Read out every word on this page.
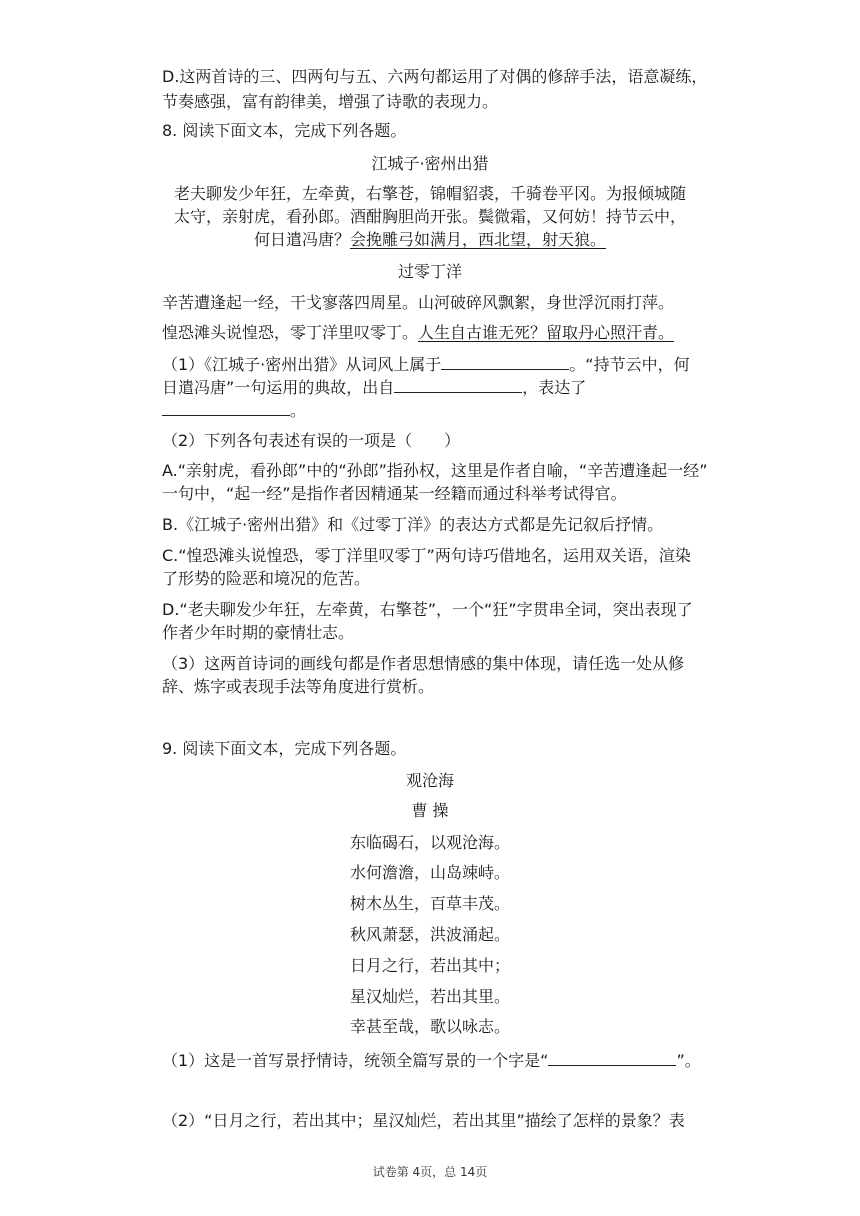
D.这两首诗的三、四两句与五、六两句都运用了对偶的修辞手法，语意凝练，
节奏感强，富有韵律美，增强了诗歌的表现力。
8. 阅读下面文本，完成下列各题。
江城子·密州出猎
老夫聊发少年狂，左牵黄，右擎苍，锦帽貂裘，千骑卷平冈。为报倾城随
太守，亲射虎，看孙郎。酒酣胸胆尚开张。鬓微霜，又何妨！持节云中，
何日遣冯唐？会挽雕弓如满月，西北望，射天狼。
过零丁洋
辛苦遭逢起一经，干戈寥落四周星。山河破碎风飘絮，身世浮沉雨打萍。
惶恐滩头说惶恐，零丁洋里叹零丁。人生自古谁无死？留取丹心照汗青。
（1）《江城子·密州出猎》从词风上属于	。“持节云中，何
日遣冯唐”一句运用的典故，出自	，表达了
。
（2）下列各句表述有误的一项是（　　）
A.“亲射虎，看孙郎”中的“孙郎”指孙权，这里是作者自喻，“辛苦遭逢起一经”
一句中，“起一经”是指作者因精通某一经籍而通过科举考试得官。
B.《江城子·密州出猎》和《过零丁洋》的表达方式都是先记叙后抒情。
C.“惶恐滩头说惶恐，零丁洋里叹零丁”两句诗巧借地名，运用双关语，渲染
了形势的险恶和境况的危苦。
D.“老夫聊发少年狂，左牵黄，右擎苍”，一个“狂”字贯串全词，突出表现了
作者少年时期的豪情壮志。
（3）这两首诗词的画线句都是作者思想情感的集中体现，请任选一处从修
辞、炼字或表现手法等角度进行赏析。
9. 阅读下面文本，完成下列各题。
观沧海
曹 操
东临碣石，以观沧海。
水何澹澹，山岛竦峙。
树木丛生，百草丰茂。
秋风萧瑟，洪波涌起。
日月之行，若出其中；
星汉灿烂，若出其里。
幸甚至哉，歌以咏志。
（1）这是一首写景抒情诗，统领全篇写景的一个字是“	”。
（2）“日月之行，若出其中；星汉灿烂，若出其里”描绘了怎样的景象？表
试卷第 4页，总 14页
